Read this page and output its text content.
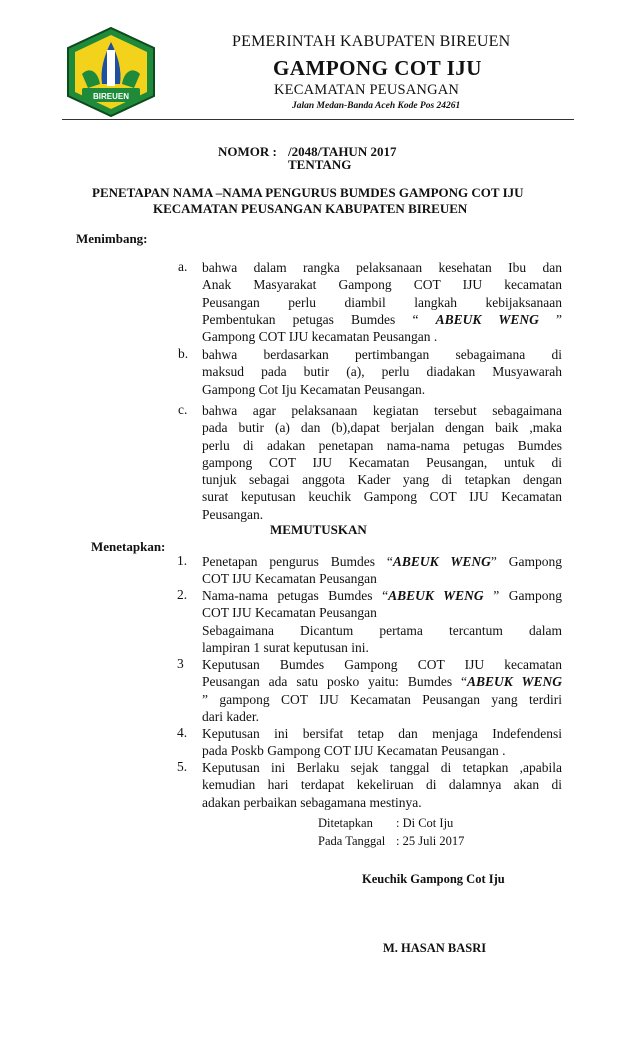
BIREUEN
PEMERINTAH KABUPATEN BIREUEN
GAMPONG COT IJU
KECAMATAN PEUSANGAN
Jalan Medan-Banda Aceh Kode Pos 24261
NOMOR : /2048/TAHUN 2017
TENTANG
PENETAPAN NAMA –NAMA PENGURUS BUMDES GAMPONG COT IJU
KECAMATAN PEUSANGAN KABUPATEN BIREUEN
Menimbang:
a. bahwa dalam rangka pelaksanaan kesehatan Ibu dan
Anak Masyarakat Gampong COT IJU kecamatan
Peusangan perlu diambil langkah kebijaksanaan
Pembentukan petugas Bumdes “ ABEUK WENG ”
Gampong COT IJU kecamatan Peusangan .
b. bahwa berdasarkan pertimbangan sebagaimana di
maksud pada butir (a), perlu diadakan Musyawarah
Gampong Cot Iju Kecamatan Peusangan.
c. bahwa agar pelaksanaan kegiatan tersebut sebagaimana
pada butir (a) dan (b),dapat berjalan dengan baik ,maka
perlu di adakan penetapan nama-nama petugas Bumdes
gampong COT IJU Kecamatan Peusangan, untuk di
tunjuk sebagai anggota Kader yang di tetapkan dengan
surat keputusan keuchik Gampong COT IJU Kecamatan
Peusangan.
MEMUTUSKAN
Menetapkan:
1. Penetapan pengurus Bumdes “ABEUK WENG” Gampong
COT IJU Kecamatan Peusangan
2. Nama-nama petugas Bumdes “ABEUK WENG ” Gampong
COT IJU Kecamatan Peusangan
Sebagaimana Dicantum pertama tercantum dalam
lampiran 1 surat keputusan ini.
3 Keputusan Bumdes Gampong COT IJU kecamatan
Peusangan ada satu posko yaitu: Bumdes “ABEUK WENG
” gampong COT IJU Kecamatan Peusangan yang terdiri
dari kader.
4. Keputusan ini bersifat tetap dan menjaga Indefendensi
pada Poskb Gampong COT IJU Kecamatan Peusangan .
5. Keputusan ini Berlaku sejak tanggal di tetapkan ,apabila
kemudian hari terdapat kekeliruan di dalamnya akan di
adakan perbaikan sebagamana mestinya.
Ditetapkan : Di Cot Iju
Pada Tanggal : 25 Juli 2017
Keuchik Gampong Cot Iju
M. HASAN BASRI
